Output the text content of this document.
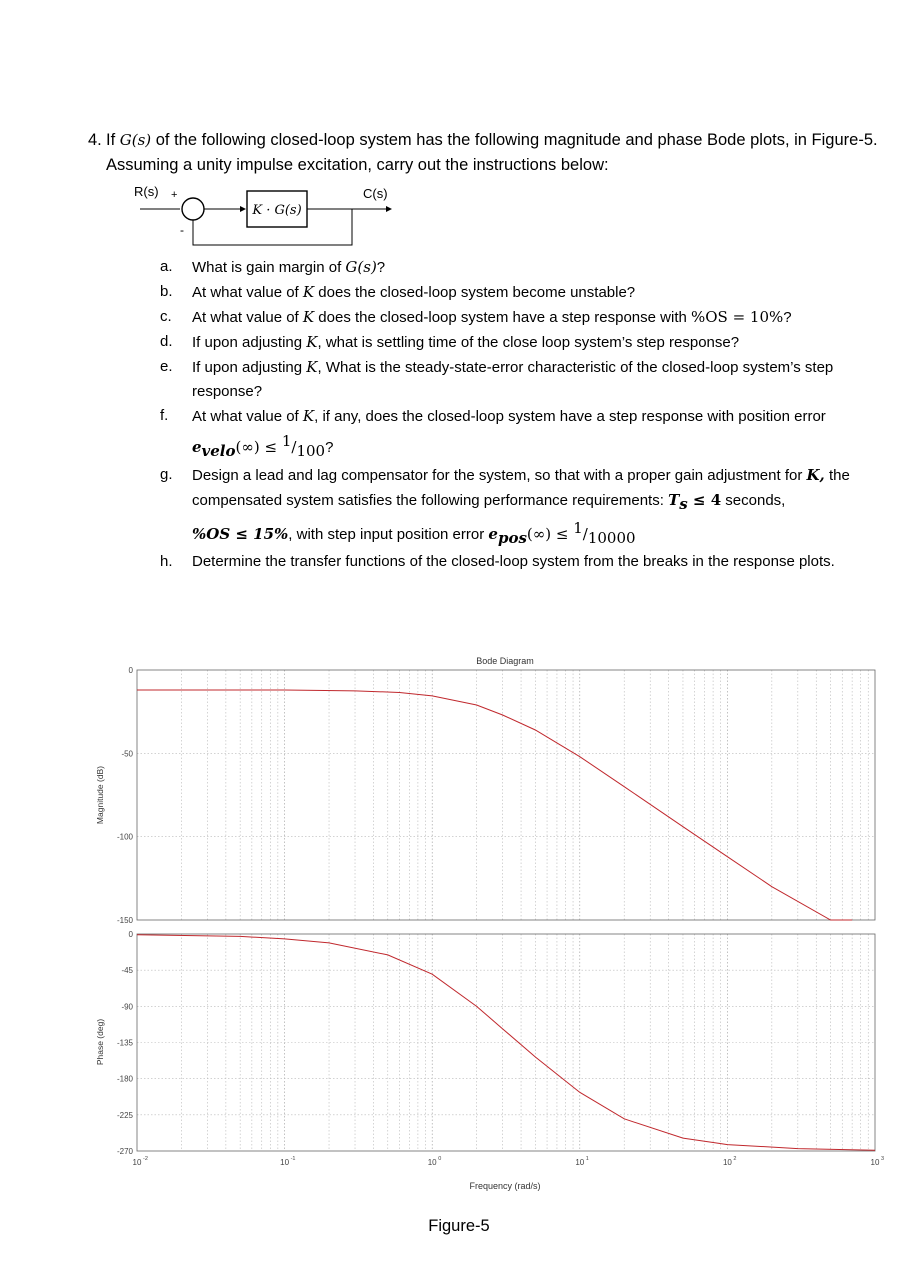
4. If G(s) of the following closed-loop system has the following magnitude and phase Bode plots, in Figure-5. Assuming a unity impulse excitation, carry out the instructions below:
R(s) +
K · G(s)
C(s)
-
a. What is gain margin of G(s)?
b. At what value of K does the closed-loop system become unstable?
c. At what value of K does the closed-loop system have a step response with %OS = 10%?
d. If upon adjusting K, what is settling time of the close loop system’s step response?
e. If upon adjusting K, What is the steady-state-error characteristic of the closed-loop system’s step response?
f. At what value of K, if any, does the closed-loop system have a step response with position error
$e_{velo}(\infty) \le ^1/_{100}$?
g. Design a lead and lag compensator for the system, so that with a proper gain adjustment for K, the compensated system satisfies the following performance requirements: $T_s \le 4$ seconds,
%OS ≤ 15%, with step input position error $e_{pos}(\infty) \le ^1/_{10000}$
h. Determine the transfer functions of the closed-loop system from the breaks in the response plots.
Bode Diagram
0
-50
-100
-150
0
-45
-90
-135
-180
-225
-270
10 -2	10 -1	10 0	10 1	10 2	10 3
Magnitude (dB)
Phase (deg)
Frequency (rad/s)
Figure-5
